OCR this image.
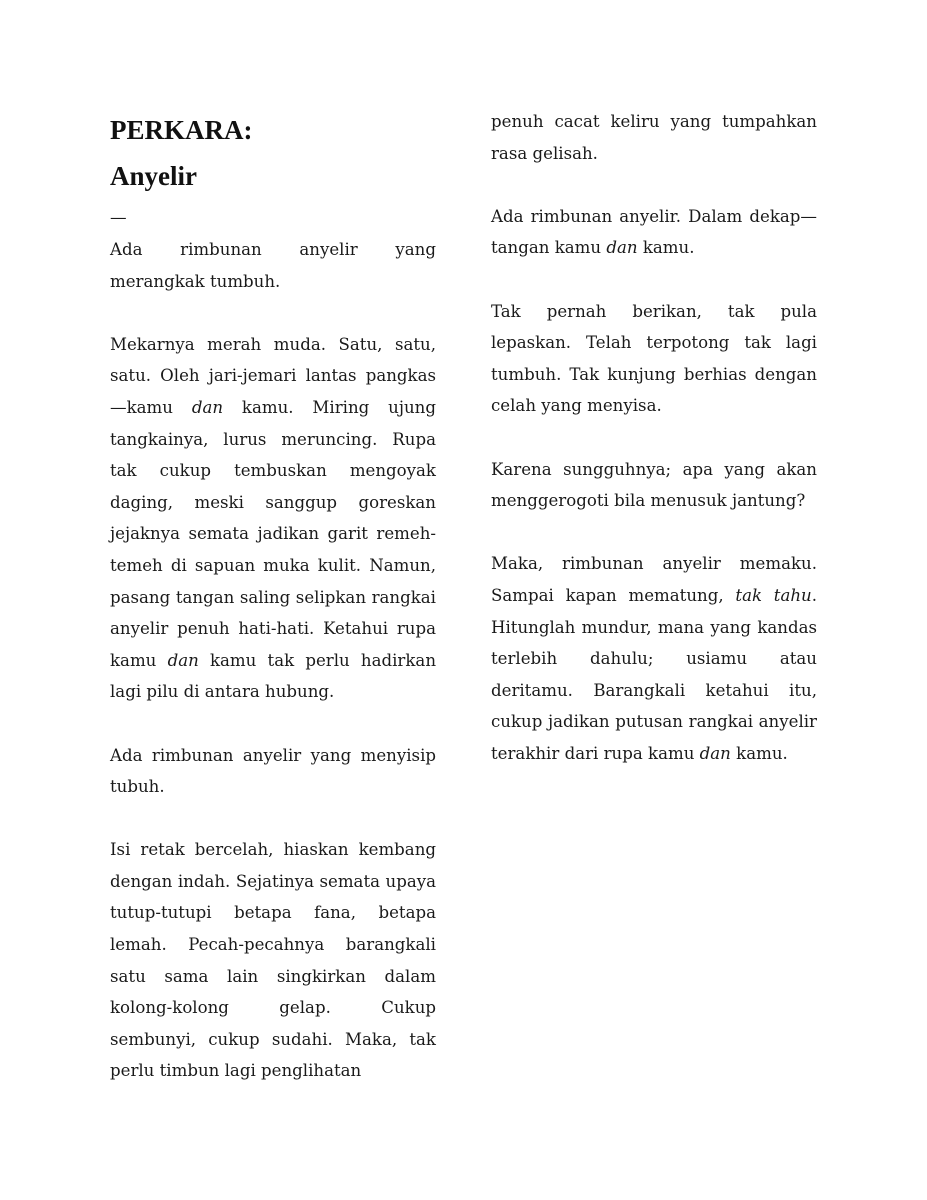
PERKARA:
Anyelir
—

Ada rimbunan anyelir yang merangkak tumbuh.

Mekarnya merah muda. Satu, satu, satu. Oleh jari-jemari lantas pangkas—kamu dan kamu. Miring ujung tangkainya, lurus meruncing. Rupa tak cukup tembuskan mengoyak daging, meski sanggup goreskan jejaknya semata jadikan garit remeh-temeh di sapuan muka kulit. Namun, pasang tangan saling selipkan rangkai anyelir penuh hati-hati. Ketahui rupa kamu dan kamu tak perlu hadirkan lagi pilu di antara hubung.

Ada rimbunan anyelir yang menyisip tubuh.

Isi retak bercelah, hiaskan kembang dengan indah. Sejatinya semata upaya tutup-tutupi betapa fana, betapa lemah. Pecah-pecahnya barangkali satu sama lain singkirkan dalam kolong-kolong gelap. Cukup sembunyi, cukup sudahi. Maka, tak perlu timbun lagi penglihatan

penuh cacat keliru yang tumpahkan rasa gelisah.

Ada rimbunan anyelir. Dalam dekap—tangan kamu dan kamu.

Tak pernah berikan, tak pula lepaskan. Telah terpotong tak lagi tumbuh. Tak kunjung berhias dengan celah yang menyisa.

Karena sungguhnya; apa yang akan menggerogoti bila menusuk jantung?

Maka, rimbunan anyelir memaku. Sampai kapan mematung, tak tahu. Hitunglah mundur, mana yang kandas terlebih dahulu; usiamu atau deritamu. Barangkali ketahui itu, cukup jadikan putusan rangkai anyelir terakhir dari rupa kamu dan kamu.
